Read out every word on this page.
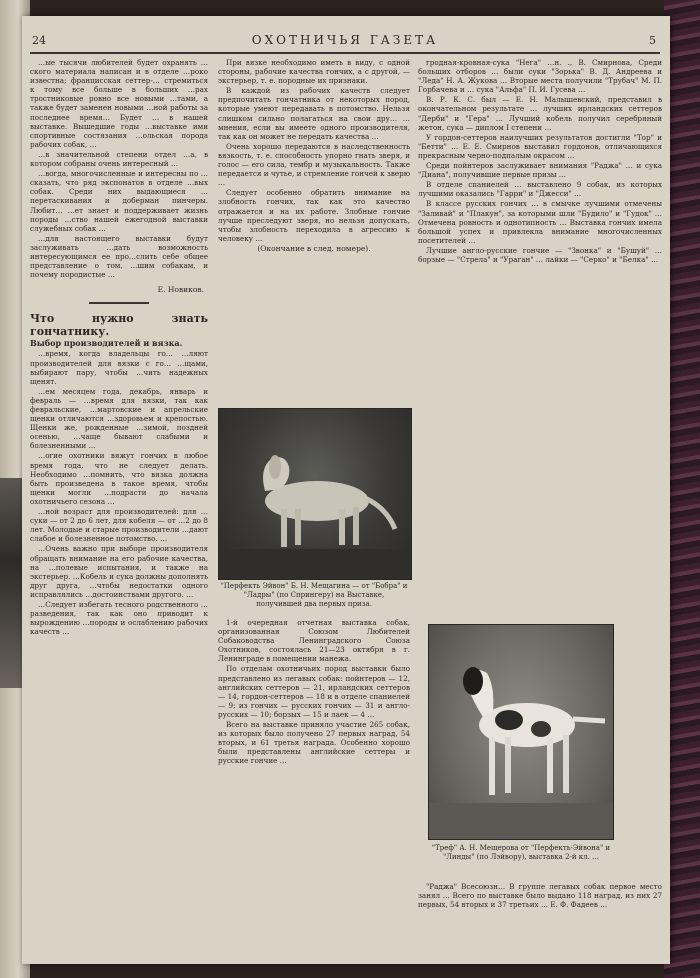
24	ОХОТНИЧЬЯ ГАЗЕТА	5

…ые тысячи любителей будет охранять …ского материала написан и в отделе …роко известна; францисская сеттер-… стремиться к тому все больше в больших …рах тростниковые ровно все новыми …тами, а также будет заменен новыми …ной работы за последнее время… Будет … в нашей выставке. Вышедшие годы …выставке ими спортивные состязания …ольская порода рабочих собак, …

…в значительной степени отдел …а, в котором собраны очень интересный …

…вогда, многочисленные и интересны по …сказать, что ряд экспонатов в отделе …вых собак. Среди них выдающиеся …перетаскивания и доберман пинчеры. Любит… …ет знает и поддерживает жизнь породы …ство нашей ежегодной выставки служебных собак …

…для настоящего выставки будут заслуживать …дать возможность интересующимся ее про…слить себе общее представление о том, …шим собакам, и почему породистые …

Е. Новиков.

Что нужно знать гончатнику.

Выбор производителей и вязка.

…время, когда владельцы го… …ляют производителей для вязки с го… …щами, выбирают пару, чтобы …чить надежных щенят.

…ем месяцем года, декабрь, январь и февраль — …время для вязки, так как февральские, …мартовские и апрельские щенки отличаются …здоровьем и крепостью. Щенки же, рожденные …зимой, поздней осенью, …чаще бывают слабыми и болезненными …

…огие охотники вяжут гончих в любое время года, что не следует делать. Необходимо …помнить, что вязка должна быть произведена в такое время, чтобы щенки могли …подрасти до начала охотничьего сезона …

…ной возраст для производителей: для …суки — от 2 до 6 лет, для кобеля — от …2 до 8 лет. Молодые и старые производители …дают слабое и болезненное потомство. …

…Очень важно при выборе производителя обращать внимание на его рабочие качества, на …полевые испытания, и также на экстерьер. …Кобель и сука должны дополнять друг друга, …чтобы недостатки одного исправлялись …достоинствами другого. …

…Следует избегать тесного родственного …разведения, так как оно приводит к вырождению …породы и ослаблению рабочих качеств …

При вязке необходимо иметь в виду, с одной стороны, рабочие качества гончих, а с другой, — экстерьер, т. е. породные их признаки.

В каждой из рабочих качеств следует предпочитать гончатника от некоторых пород, которые умеют передавать в потомство. Нельзя слишком сильно полагаться на свои дру… …мнения, если вы имеете одного производителя, так как он может не передать качества …

Очень хорошо передаются в наследственность вязкость, т. е. способность упорно гнать зверя, и голос — его сила, тембр и музыкальность. Также передается и чутье, и стремление гончей к зверю …

Следует особенно обратить внимание на злобность гончих, так как это качество отражается и на их работе. Злобные гончие лучше преследуют зверя, но нельзя допускать, чтобы злобность переходила в агрессию к человеку …

(Окончание в след. номере).

"Перфекть Эйвон" Б. Н. Мещагина — от "Бобра" и "Ладры" (по Спрингеру) на Выставке, получившей два первых приза.

1-й очередная отчетная выставка собак, организованная Союзом Любителей Собаководства Ленинградского Союза Охотников, состоялась 21—23 октября в г. Ленинграде в помещении манежа.

По отделам охотничьих пород выставки было представлено из легавых собак: пойнтеров — 12, английских сеттеров — 21, ирландских сеттеров — 14, гордон-сеттеров — 18 и в отделе спаниелей — 9; из гончих — русских гончих — 31 и англо-русских — 10; борзых — 15 и лаек — 4 …

Всего на выставке приняло участие 265 собак, из которых было получено 27 первых наград, 54 вторых, и 61 третья награда. Особенно хорошо были представлены английские сеттеры и русские гончие …

гродная-кровная-сука "Нега" …н. ., В. Смирнова, Среди больших отборов … были суки "Зорька" В. Д. Андреева и "Леда" Н. А. Жукова … Вторые места получили "Трубач" М. П. Горбачева и … сука "Альфа" П. И. Гусева …

В. Р. К. С. был — Е. Н. Малышевский, представил в окончательном результате … лучших ирландских сеттеров "Дерби" и "Гера" … Лучший кобель получил серебряный жетон, сука — диплом I степени …

У гордон-сеттеров наилучших результатов достигли "Тор" и "Бетти" … Е. Е. Смирнов выставил гордонов, отличающихся прекрасным черно-подпалым окрасом …

Среди пойнтеров заслуживает внимания "Раджа" … и сука "Диана", получившие первые призы …

В отделе спаниелей … выставлено 9 собак, из которых лучшими оказались "Гарри" и "Джесси" …

В классе русских гончих … в смычке лучшими отмечены "Заливай" и "Плакун", за которыми шли "Будило" и "Гудок" … Отмечена ровность и однотипность … Выставка гончих имела большой успех и привлекла внимание многочисленных посетителей …

Лучшие англо-русские гончие — "Звонка" и "Бушуй" … борзые — "Стрела" и "Ураган" … лайки — "Серко" и "Белка" …

"Треф" А. Н. Мещерова от "Перфекть-Эйвона" и "Линды" (по Лэйвору), выставка 2-й кл. …

"Раджа" Всесоюзн… В группе легавых собак первое место занял … Всего по выставке было выдано 118 наград, из них 27 первых, 54 вторых и 37 третьих … Е. Ф. Фадеев …
